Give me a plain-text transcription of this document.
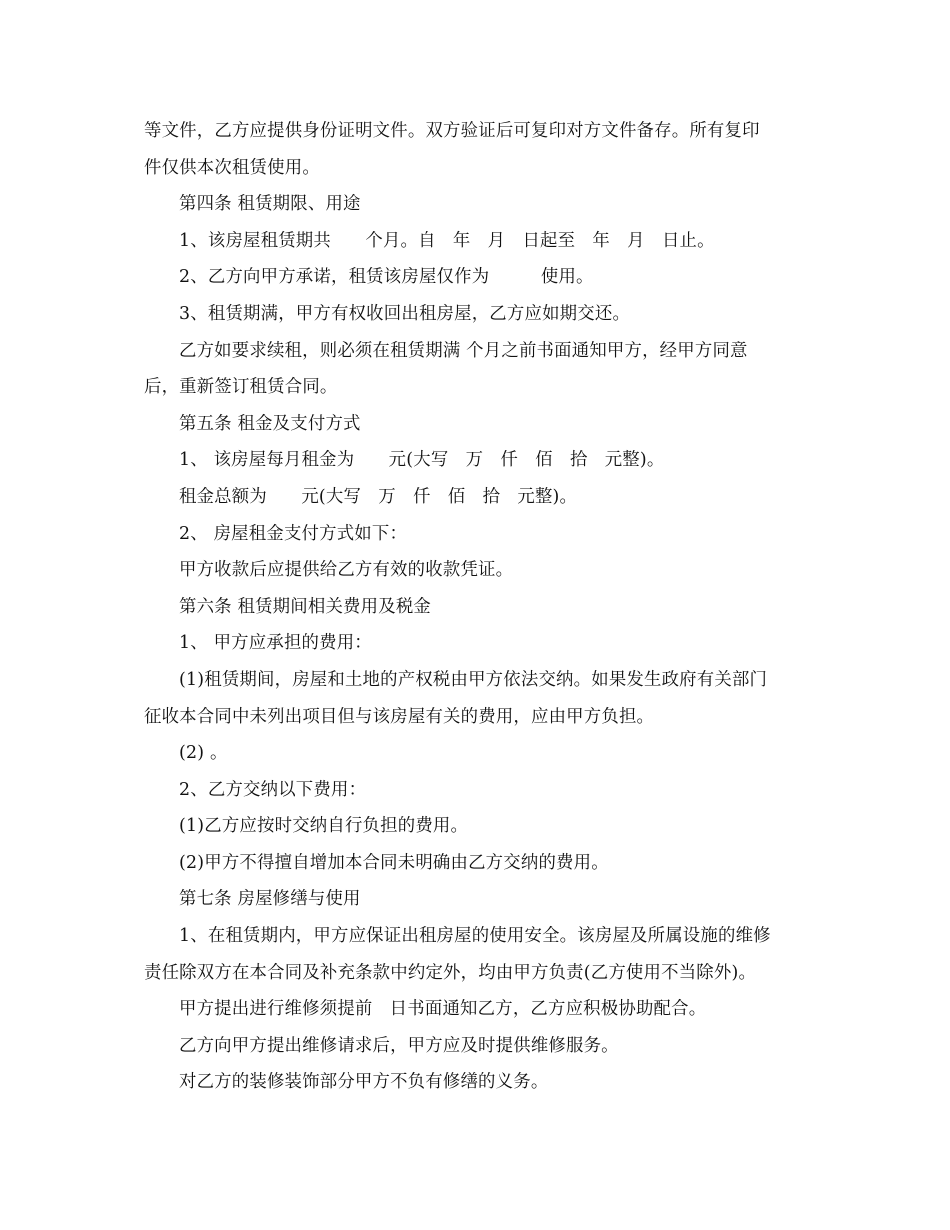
等文件，乙方应提供身份证明文件。双方验证后可复印对方文件备存。所有复印

件仅供本次租赁使用。

第四条 租赁期限、用途

1、该房屋租赁期共      个月。自   年   月   日起至   年   月   日止。

2、乙方向甲方承诺，租赁该房屋仅作为         使用。

3、租赁期满，甲方有权收回出租房屋，乙方应如期交还。

乙方如要求续租，则必须在租赁期满 个月之前书面通知甲方，经甲方同意

后，重新签订租赁合同。

第五条 租金及支付方式

1、 该房屋每月租金为      元(大写   万   仟   佰   拾   元整)。

租金总额为      元(大写   万   仟   佰   拾   元整)。

2、 房屋租金支付方式如下：

甲方收款后应提供给乙方有效的收款凭证。

第六条 租赁期间相关费用及税金

1、 甲方应承担的费用：

(1)租赁期间，房屋和土地的产权税由甲方依法交纳。如果发生政府有关部门

征收本合同中未列出项目但与该房屋有关的费用，应由甲方负担。

(2) 。

2、乙方交纳以下费用：

(1)乙方应按时交纳自行负担的费用。

(2)甲方不得擅自增加本合同未明确由乙方交纳的费用。

第七条 房屋修缮与使用

1、在租赁期内，甲方应保证出租房屋的使用安全。该房屋及所属设施的维修

责任除双方在本合同及补充条款中约定外，均由甲方负责(乙方使用不当除外)。

甲方提出进行维修须提前   日书面通知乙方，乙方应积极协助配合。

乙方向甲方提出维修请求后，甲方应及时提供维修服务。

对乙方的装修装饰部分甲方不负有修缮的义务。
